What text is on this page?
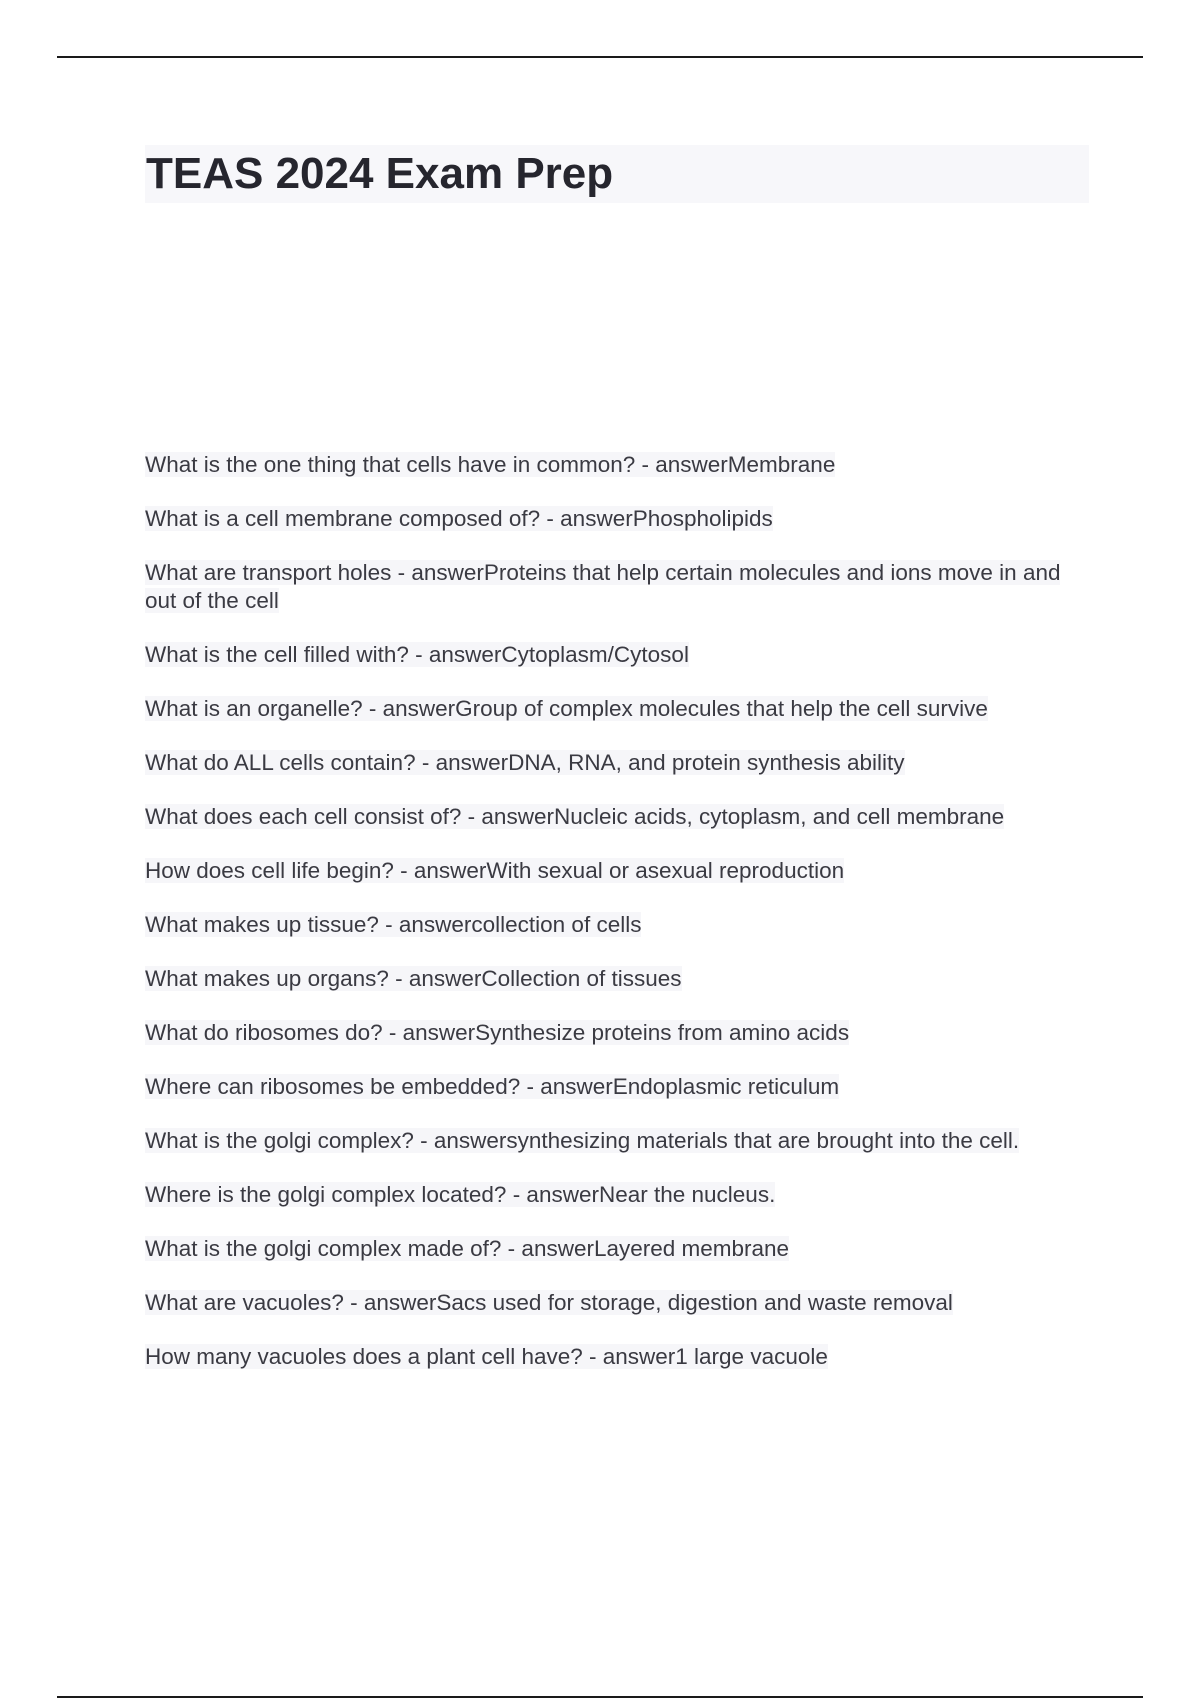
TEAS 2024 Exam Prep
What is the one thing that cells have in common? - answerMembrane
What is a cell membrane composed of? - answerPhospholipids
What are transport holes - answerProteins that help certain molecules and ions move in and out of the cell
What is the cell filled with? - answerCytoplasm/Cytosol
What is an organelle? - answerGroup of complex molecules that help the cell survive
What do ALL cells contain? - answerDNA, RNA, and protein synthesis ability
What does each cell consist of? - answerNucleic acids, cytoplasm, and cell membrane
How does cell life begin? - answerWith sexual or asexual reproduction
What makes up tissue? - answercollection of cells
What makes up organs? - answerCollection of tissues
What do ribosomes do? - answerSynthesize proteins from amino acids
Where can ribosomes be embedded? - answerEndoplasmic reticulum
What is the golgi complex? - answersynthesizing materials that are brought into the cell.
Where is the golgi complex located? - answerNear the nucleus.
What is the golgi complex made of? - answerLayered membrane
What are vacuoles? - answerSacs used for storage, digestion and waste removal
How many vacuoles does a plant cell have? - answer1 large vacuole
